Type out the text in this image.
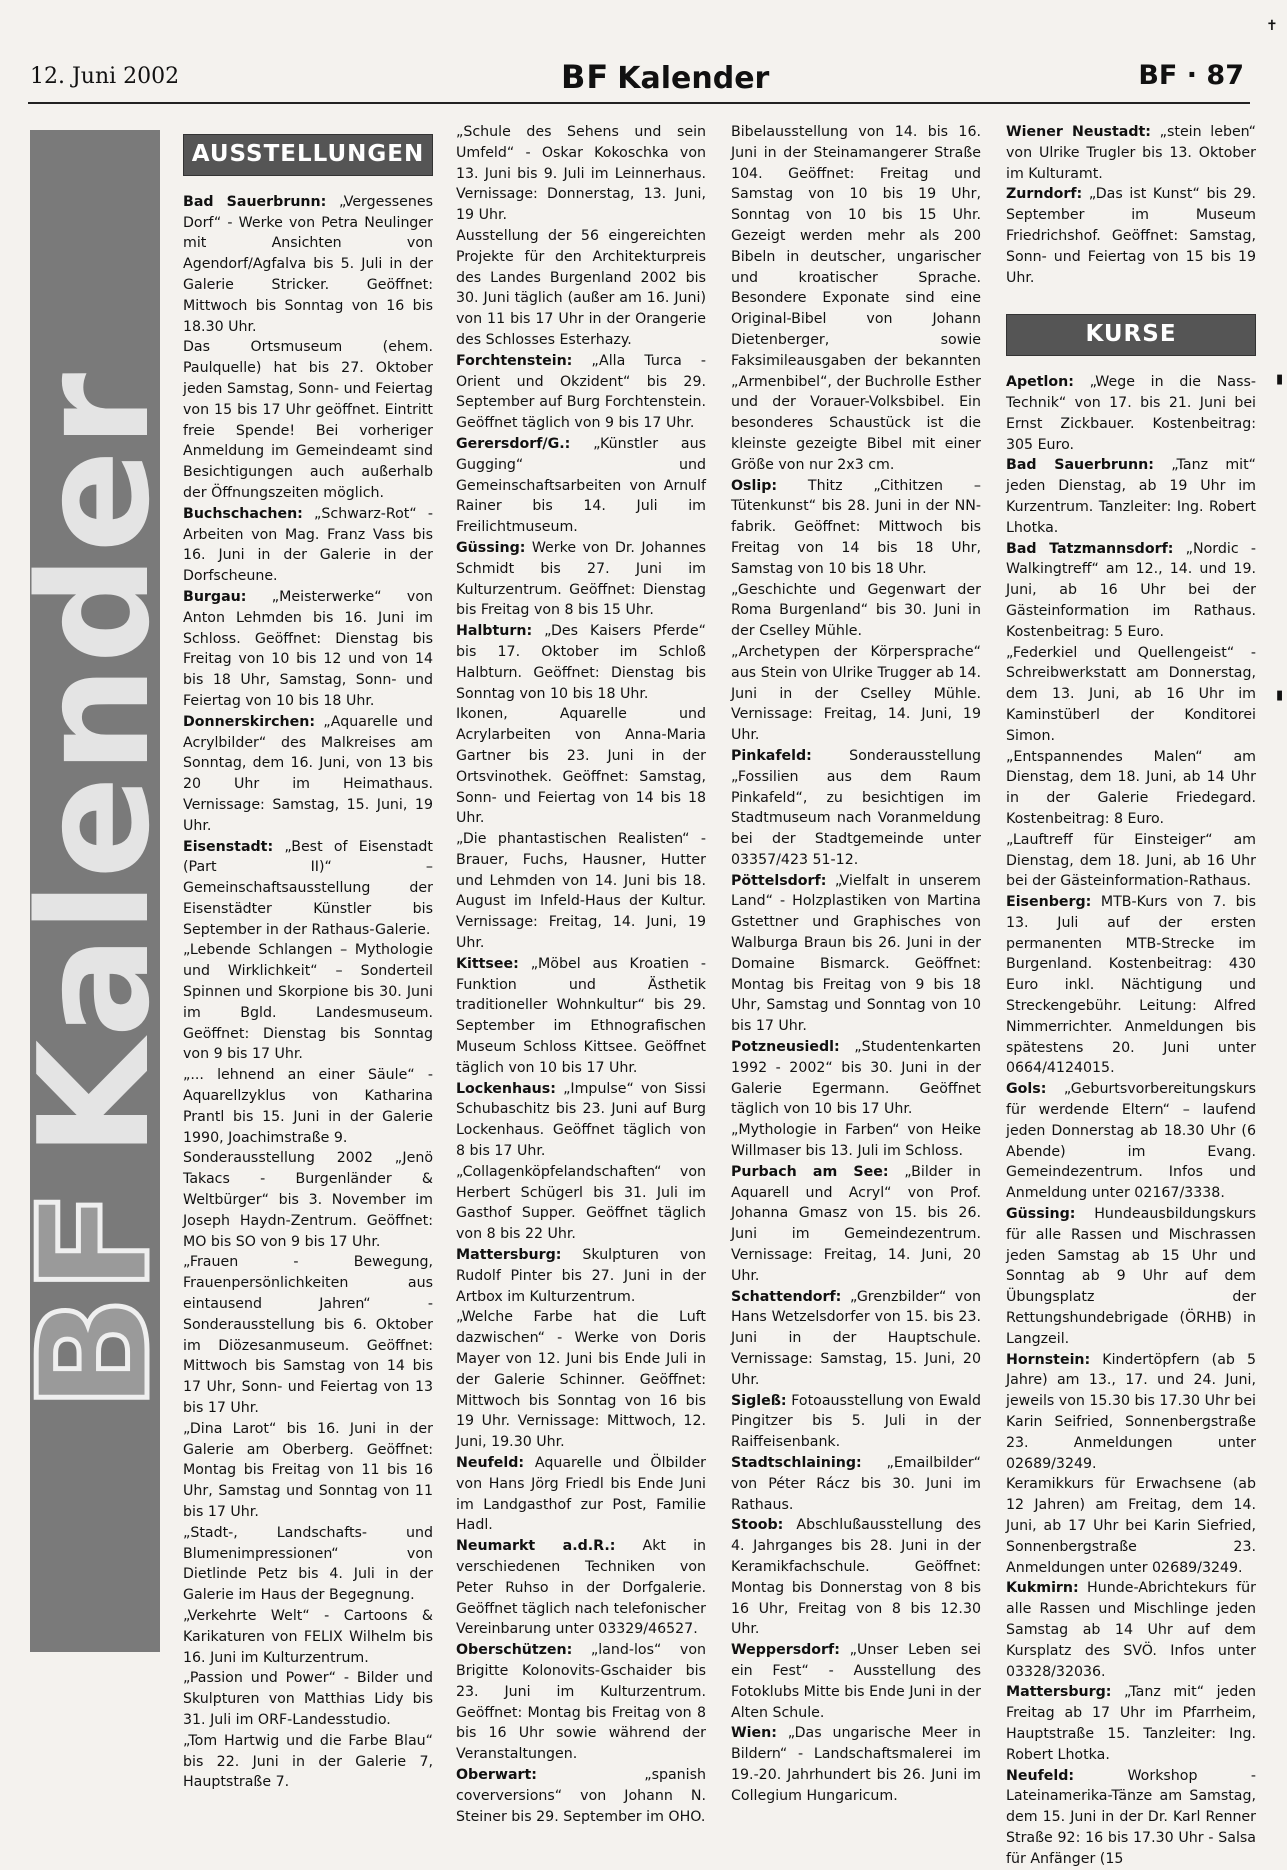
✝
12. Juni 2002	BF Kalender	BF · 87
BFKalender
AUSSTELLUNGEN

Bad Sauerbrunn: „Vergessenes Dorf“ - Werke von Petra Neulinger mit Ansichten von Agendorf/Agfalva bis 5. Juli in der Galerie Stricker. Geöffnet: Mittwoch bis Sonntag von 16 bis 18.30 Uhr.

Das Ortsmuseum (ehem. Paulquelle) hat bis 27. Oktober jeden Samstag, Sonn- und Feiertag von 15 bis 17 Uhr geöffnet. Eintritt freie Spende! Bei vorheriger Anmeldung im Gemeindeamt sind Besichtigungen auch außerhalb der Öffnungszeiten möglich.

Buchschachen: „Schwarz-Rot“ - Arbeiten von Mag. Franz Vass bis 16. Juni in der Galerie in der Dorfscheune.

Burgau: „Meisterwerke“ von Anton Lehmden bis 16. Juni im Schloss. Geöffnet: Dienstag bis Freitag von 10 bis 12 und von 14 bis 18 Uhr, Samstag, Sonn- und Feiertag von 10 bis 18 Uhr.

Donnerskirchen: „Aquarelle und Acrylbilder“ des Malkreises am Sonntag, dem 16. Juni, von 13 bis 20 Uhr im Heimathaus. Vernissage: Samstag, 15. Juni, 19 Uhr.

Eisenstadt: „Best of Eisenstadt (Part II)“ – Gemeinschaftsausstellung der Eisenstädter Künstler bis September in der Rathaus-Galerie.

„Lebende Schlangen – Mythologie und Wirklichkeit“ – Sonderteil Spinnen und Skorpione bis 30. Juni im Bgld. Landesmuseum. Geöffnet: Dienstag bis Sonntag von 9 bis 17 Uhr.

„... lehnend an einer Säule“ - Aquarellzyklus von Katharina Prantl bis 15. Juni in der Galerie 1990, Joachimstraße 9.

Sonderausstellung 2002 „Jenö Takacs - Burgenländer & Weltbürger“ bis 3. November im Joseph Haydn-Zentrum. Geöffnet: MO bis SO von 9 bis 17 Uhr.

„Frauen - Bewegung, Frauenpersönlichkeiten aus eintausend Jahren“ - Sonderausstellung bis 6. Oktober im Diözesanmuseum. Geöffnet: Mittwoch bis Samstag von 14 bis 17 Uhr, Sonn- und Feiertag von 13 bis 17 Uhr.

„Dina Larot“ bis 16. Juni in der Galerie am Oberberg. Geöffnet: Montag bis Freitag von 11 bis 16 Uhr, Samstag und Sonntag von 11 bis 17 Uhr.

„Stadt-, Landschafts- und Blumenimpressionen“ von Dietlinde Petz bis 4. Juli in der Galerie im Haus der Begegnung.

„Verkehrte Welt“ - Cartoons & Karikaturen von FELIX Wilhelm bis 16. Juni im Kulturzentrum.

„Passion und Power“ - Bilder und Skulpturen von Matthias Lidy bis 31. Juli im ORF-Landesstudio.

„Tom Hartwig und die Farbe Blau“ bis 22. Juni in der Galerie 7, Hauptstraße 7.

„Schule des Sehens und sein Umfeld“ - Oskar Kokoschka von 13. Juni bis 9. Juli im Leinnerhaus. Vernissage: Donnerstag, 13. Juni, 19 Uhr.

Ausstellung der 56 eingereichten Projekte für den Architekturpreis des Landes Burgenland 2002 bis 30. Juni täglich (außer am 16. Juni) von 11 bis 17 Uhr in der Orangerie des Schlosses Esterhazy.

Forchtenstein: „Alla Turca - Orient und Okzident“ bis 29. September auf Burg Forchtenstein. Geöffnet täglich von 9 bis 17 Uhr.

Gerersdorf/G.: „Künstler aus Gugging“ und Gemeinschaftsarbeiten von Arnulf Rainer bis 14. Juli im Freilichtmuseum.

Güssing: Werke von Dr. Johannes Schmidt bis 27. Juni im Kulturzentrum. Geöffnet: Dienstag bis Freitag von 8 bis 15 Uhr.

Halbturn: „Des Kaisers Pferde“ bis 17. Oktober im Schloß Halbturn. Geöffnet: Dienstag bis Sonntag von 10 bis 18 Uhr.

Ikonen, Aquarelle und Acrylarbeiten von Anna-Maria Gartner bis 23. Juni in der Ortsvinothek. Geöffnet: Samstag, Sonn- und Feiertag von 14 bis 18 Uhr.

„Die phantastischen Realisten“ - Brauer, Fuchs, Hausner, Hutter und Lehmden von 14. Juni bis 18. August im Infeld-Haus der Kultur. Vernissage: Freitag, 14. Juni, 19 Uhr.

Kittsee: „Möbel aus Kroatien - Funktion und Ästhetik traditioneller Wohnkultur“ bis 29. September im Ethnografischen Museum Schloss Kittsee. Geöffnet täglich von 10 bis 17 Uhr.

Lockenhaus: „Impulse“ von Sissi Schubaschitz bis 23. Juni auf Burg Lockenhaus. Geöffnet täglich von 8 bis 17 Uhr.

„Collagenköpfelandschaften“ von Herbert Schügerl bis 31. Juli im Gasthof Supper. Geöffnet täglich von 8 bis 22 Uhr.

Mattersburg: Skulpturen von Rudolf Pinter bis 27. Juni in der Artbox im Kulturzentrum.

„Welche Farbe hat die Luft dazwischen“ - Werke von Doris Mayer von 12. Juni bis Ende Juli in der Galerie Schinner. Geöffnet: Mittwoch bis Sonntag von 16 bis 19 Uhr. Vernissage: Mittwoch, 12. Juni, 19.30 Uhr.

Neufeld: Aquarelle und Ölbilder von Hans Jörg Friedl bis Ende Juni im Landgasthof zur Post, Familie Hadl.

Neumarkt a.d.R.: Akt in verschiedenen Techniken von Peter Ruhso in der Dorfgalerie. Geöffnet täglich nach telefonischer Vereinbarung unter 03329/46527.

Oberschützen: „land-los“ von Brigitte Kolonovits-Gschaider bis 23. Juni im Kulturzentrum. Geöffnet: Montag bis Freitag von 8 bis 16 Uhr sowie während der Veranstaltungen.

Oberwart: „spanish coverversions“ von Johann N. Steiner bis 29. September im OHO.

Bibelausstellung von 14. bis 16. Juni in der Steinamangerer Straße 104. Geöffnet: Freitag und Samstag von 10 bis 19 Uhr, Sonntag von 10 bis 15 Uhr. Gezeigt werden mehr als 200 Bibeln in deutscher, ungarischer und kroatischer Sprache. Besondere Exponate sind eine Original-Bibel von Johann Dietenberger, sowie Faksimileausgaben der bekannten „Armenbibel“, der Buchrolle Esther und der Vorauer-Volksbibel. Ein besonderes Schaustück ist die kleinste gezeigte Bibel mit einer Größe von nur 2x3 cm.

Oslip: Thitz „Cithitzen – Tütenkunst“ bis 28. Juni in der NN-fabrik. Geöffnet: Mittwoch bis Freitag von 14 bis 18 Uhr, Samstag von 10 bis 18 Uhr.

„Geschichte und Gegenwart der Roma Burgenland“ bis 30. Juni in der Cselley Mühle.

„Archetypen der Körpersprache“ aus Stein von Ulrike Trugger ab 14. Juni in der Cselley Mühle. Vernissage: Freitag, 14. Juni, 19 Uhr.

Pinkafeld: Sonderausstellung „Fossilien aus dem Raum Pinkafeld“, zu besichtigen im Stadtmuseum nach Voranmeldung bei der Stadtgemeinde unter 03357/423 51-12.

Pöttelsdorf: „Vielfalt in unserem Land“ - Holzplastiken von Martina Gstettner und Graphisches von Walburga Braun bis 26. Juni in der Domaine Bismarck. Geöffnet: Montag bis Freitag von 9 bis 18 Uhr, Samstag und Sonntag von 10 bis 17 Uhr.

Potzneusiedl: „Studentenkarten 1992 - 2002“ bis 30. Juni in der Galerie Egermann. Geöffnet täglich von 10 bis 17 Uhr.

„Mythologie in Farben“ von Heike Willmaser bis 13. Juli im Schloss.

Purbach am See: „Bilder in Aquarell und Acryl“ von Prof. Johanna Gmasz von 15. bis 26. Juni im Gemeindezentrum. Vernissage: Freitag, 14. Juni, 20 Uhr.

Schattendorf: „Grenzbilder“ von Hans Wetzelsdorfer von 15. bis 23. Juni in der Hauptschule. Vernissage: Samstag, 15. Juni, 20 Uhr.

Sigleß: Fotoausstellung von Ewald Pingitzer bis 5. Juli in der Raiffeisenbank.

Stadtschlaining: „Emailbilder“ von Péter Rácz bis 30. Juni im Rathaus.

Stoob: Abschlußausstellung des 4. Jahrganges bis 28. Juni in der Keramikfachschule. Geöffnet: Montag bis Donnerstag von 8 bis 16 Uhr, Freitag von 8 bis 12.30 Uhr.

Weppersdorf: „Unser Leben sei ein Fest“ - Ausstellung des Fotoklubs Mitte bis Ende Juni in der Alten Schule.

Wien: „Das ungarische Meer in Bildern“ - Landschaftsmalerei im 19.-20. Jahrhundert bis 26. Juni im Collegium Hungaricum.

Wiener Neustadt: „stein leben“ von Ulrike Trugler bis 13. Oktober im Kulturamt.

Zurndorf: „Das ist Kunst“ bis 29. September im Museum Friedrichshof. Geöffnet: Samstag, Sonn- und Feiertag von 15 bis 19 Uhr.

KURSE

Apetlon: „Wege in die Nass-Technik“ von 17. bis 21. Juni bei Ernst Zickbauer. Kostenbeitrag: 305 Euro.

Bad Sauerbrunn: „Tanz mit“ jeden Dienstag, ab 19 Uhr im Kurzentrum. Tanzleiter: Ing. Robert Lhotka.

Bad Tatzmannsdorf: „Nordic - Walkingtreff“ am 12., 14. und 19. Juni, ab 16 Uhr bei der Gästeinformation im Rathaus. Kostenbeitrag: 5 Euro.

„Federkiel und Quellengeist“ - Schreibwerkstatt am Donnerstag, dem 13. Juni, ab 16 Uhr im Kaminstüberl der Konditorei Simon.

„Entspannendes Malen“ am Dienstag, dem 18. Juni, ab 14 Uhr in der Galerie Friedegard. Kostenbeitrag: 8 Euro.

„Lauftreff für Einsteiger“ am Dienstag, dem 18. Juni, ab 16 Uhr bei der Gästeinformation-Rathaus.

Eisenberg: MTB-Kurs von 7. bis 13. Juli auf der ersten permanenten MTB-Strecke im Burgenland. Kostenbeitrag: 430 Euro inkl. Nächtigung und Streckengebühr. Leitung: Alfred Nimmerrichter. Anmeldungen bis spätestens 20. Juni unter 0664/4124015.

Gols: „Geburtsvorbereitungskurs für werdende Eltern“ – laufend jeden Donnerstag ab 18.30 Uhr (6 Abende) im Evang. Gemeindezentrum. Infos und Anmeldung unter 02167/3338.

Güssing: Hundeausbildungskurs für alle Rassen und Mischrassen jeden Samstag ab 15 Uhr und Sonntag ab 9 Uhr auf dem Übungsplatz der Rettungshundebrigade (ÖRHB) in Langzeil.

Hornstein: Kindertöpfern (ab 5 Jahre) am 13., 17. und 24. Juni, jeweils von 15.30 bis 17.30 Uhr bei Karin Seifried, Sonnenbergstraße 23. Anmeldungen unter 02689/3249.

Keramikkurs für Erwachsene (ab 12 Jahren) am Freitag, dem 14. Juni, ab 17 Uhr bei Karin Siefried, Sonnenbergstraße 23. Anmeldungen unter 02689/3249.

Kukmirn: Hunde-Abrichtekurs für alle Rassen und Mischlinge jeden Samstag ab 14 Uhr auf dem Kursplatz des SVÖ. Infos unter 03328/32036.

Mattersburg: „Tanz mit“ jeden Freitag ab 17 Uhr im Pfarrheim, Hauptstraße 15. Tanzleiter: Ing. Robert Lhotka.

Neufeld: Workshop - Lateinamerika-Tänze am Samstag, dem 15. Juni in der Dr. Karl Renner Straße 92: 16 bis 17.30 Uhr - Salsa für Anfänger (15

▮
▮
